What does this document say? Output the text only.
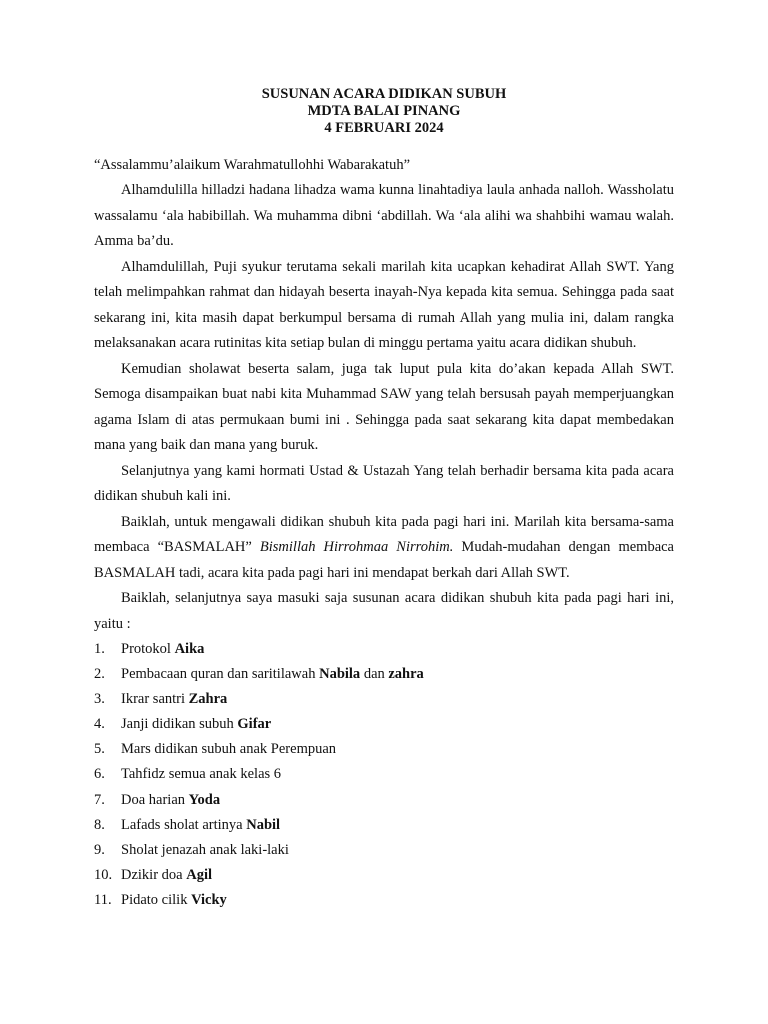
SUSUNAN ACARA DIDIKAN SUBUH
MDTA BALAI PINANG
4 FEBRUARI 2024
“Assalammu’alaikum Warahmatullohhi Wabarakatuh”

Alhamdulilla hilladzi hadana lihadza wama kunna linahtadiya laula anhada nalloh. Wassholatu wassalamu ‘ala habibillah. Wa muhamma dibni ‘abdillah. Wa ‘ala alihi wa shahbihi wamau walah. Amma ba’du.

Alhamdulillah, Puji syukur terutama sekali marilah kita ucapkan kehadirat Allah SWT. Yang telah melimpahkan rahmat dan hidayah beserta inayah-Nya kepada kita semua. Sehingga pada saat sekarang ini, kita masih dapat berkumpul bersama di rumah Allah yang mulia ini, dalam rangka melaksanakan acara rutinitas kita setiap bulan di minggu pertama yaitu acara didikan shubuh.

Kemudian sholawat beserta salam, juga tak luput pula kita do’akan kepada Allah SWT. Semoga disampaikan buat nabi kita Muhammad SAW yang telah bersusah payah memperjuangkan agama Islam di atas permukaan bumi ini . Sehingga pada saat sekarang kita dapat membedakan mana yang baik dan mana yang buruk.

Selanjutnya yang kami hormati Ustad & Ustazah Yang telah berhadir bersama kita pada acara didikan shubuh kali ini.

Baiklah, untuk mengawali didikan shubuh kita pada pagi hari ini. Marilah kita bersama-sama membaca “BASMALAH” Bismillah Hirrohmaa Nirrohim. Mudah-mudahan dengan membaca BASMALAH tadi, acara kita pada pagi hari ini mendapat berkah dari Allah SWT.

Baiklah, selanjutnya saya masuki saja susunan acara didikan shubuh kita pada pagi hari ini, yaitu :

1. Protokol Aika
2. Pembacaan quran dan saritilawah Nabila dan zahra
3. Ikrar santri Zahra
4. Janji didikan subuh Gifar
5. Mars didikan subuh anak Perempuan
6. Tahfidz semua anak kelas 6
7. Doa harian Yoda
8. Lafads sholat artinya Nabil
9. Sholat jenazah anak laki-laki
10. Dzikir doa Agil
11. Pidato cilik Vicky
